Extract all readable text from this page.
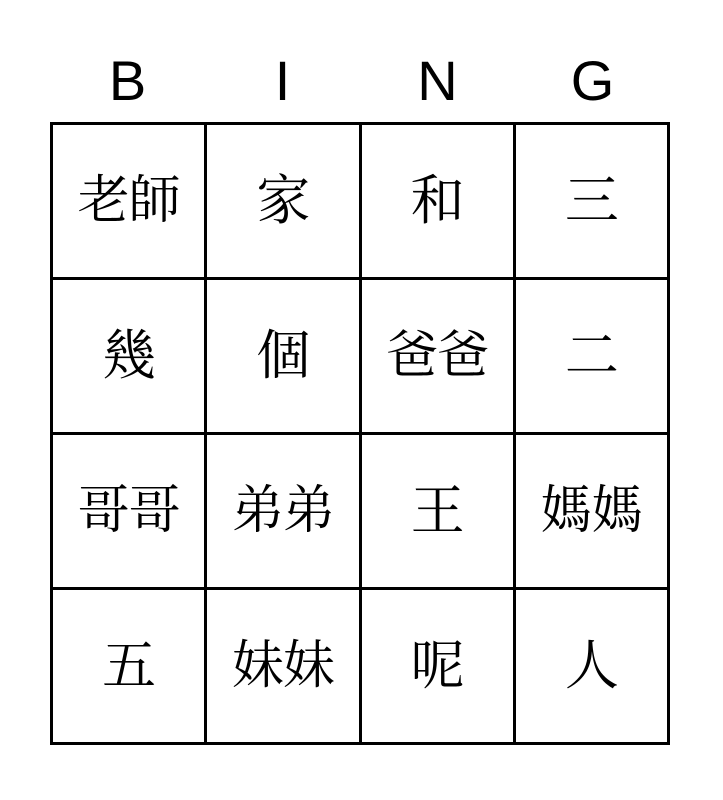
B	I	N	G
老師 家 和 三
幾 個 爸爸 二
哥哥 弟弟 王 媽媽
五 妹妹 呢 人
